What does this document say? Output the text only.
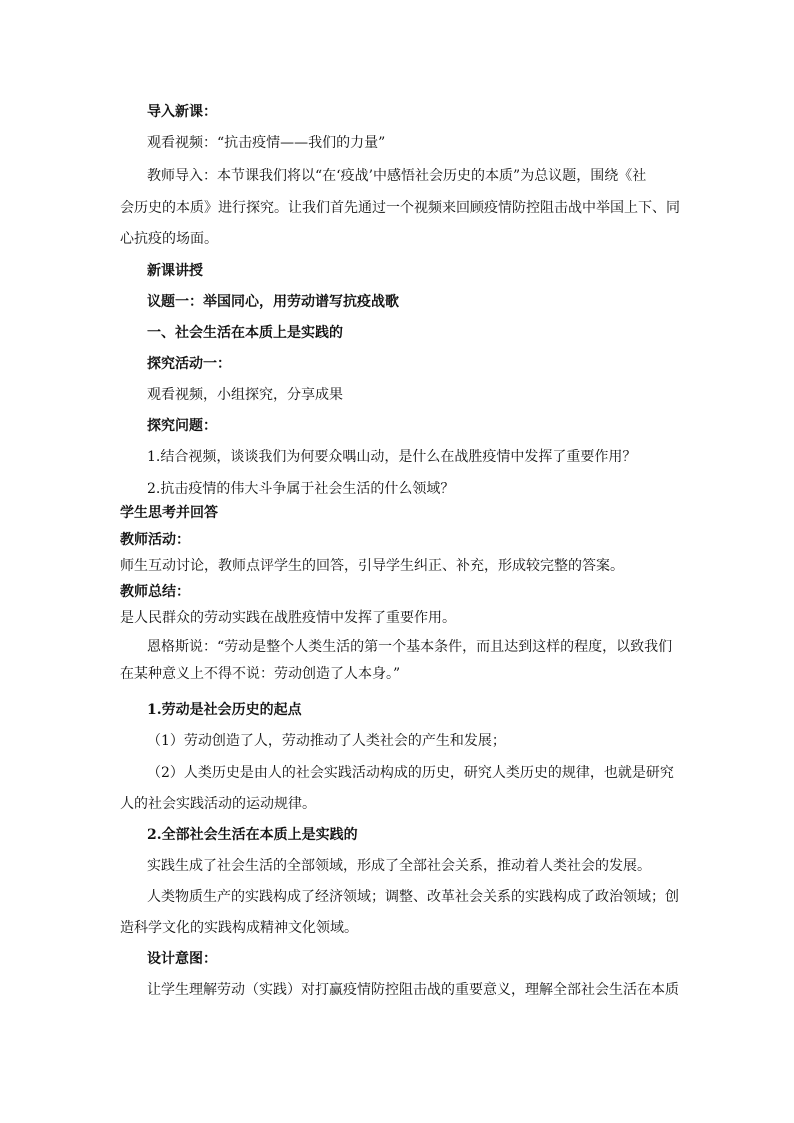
导入新课：
观看视频：“抗击疫情——我们的力量”
教师导入：本节课我们将以“在‘疫战’中感悟社会历史的本质”为总议题，围绕《社
会历史的本质》进行探究。让我们首先通过一个视频来回顾疫情防控阻击战中举国上下、同
心抗疫的场面。
新课讲授
议题一：举国同心，用劳动谱写抗疫战歌
一、社会生活在本质上是实践的
探究活动一：
观看视频，小组探究，分享成果
探究问题：
1.结合视频，谈谈我们为何要众喁山动，是什么在战胜疫情中发挥了重要作用？
2.抗击疫情的伟大斗争属于社会生活的什么领域？
学生思考并回答
教师活动：
师生互动讨论，教师点评学生的回答，引导学生纠正、补充，形成较完整的答案。
教师总结：
是人民群众的劳动实践在战胜疫情中发挥了重要作用。
恩格斯说：“劳动是整个人类生活的第一个基本条件，而且达到这样的程度，以致我们
在某种意义上不得不说：劳动创造了人本身。”
1.劳动是社会历史的起点
（1）劳动创造了人，劳动推动了人类社会的产生和发展；
（2）人类历史是由人的社会实践活动构成的历史，研究人类历史的规律，也就是研究
人的社会实践活动的运动规律。
2.全部社会生活在本质上是实践的
实践生成了社会生活的全部领域，形成了全部社会关系，推动着人类社会的发展。
人类物质生产的实践构成了经济领域；调整、改革社会关系的实践构成了政治领域；创
造科学文化的实践构成精神文化领域。
设计意图：
让学生理解劳动（实践）对打赢疫情防控阻击战的重要意义，理解全部社会生活在本质
